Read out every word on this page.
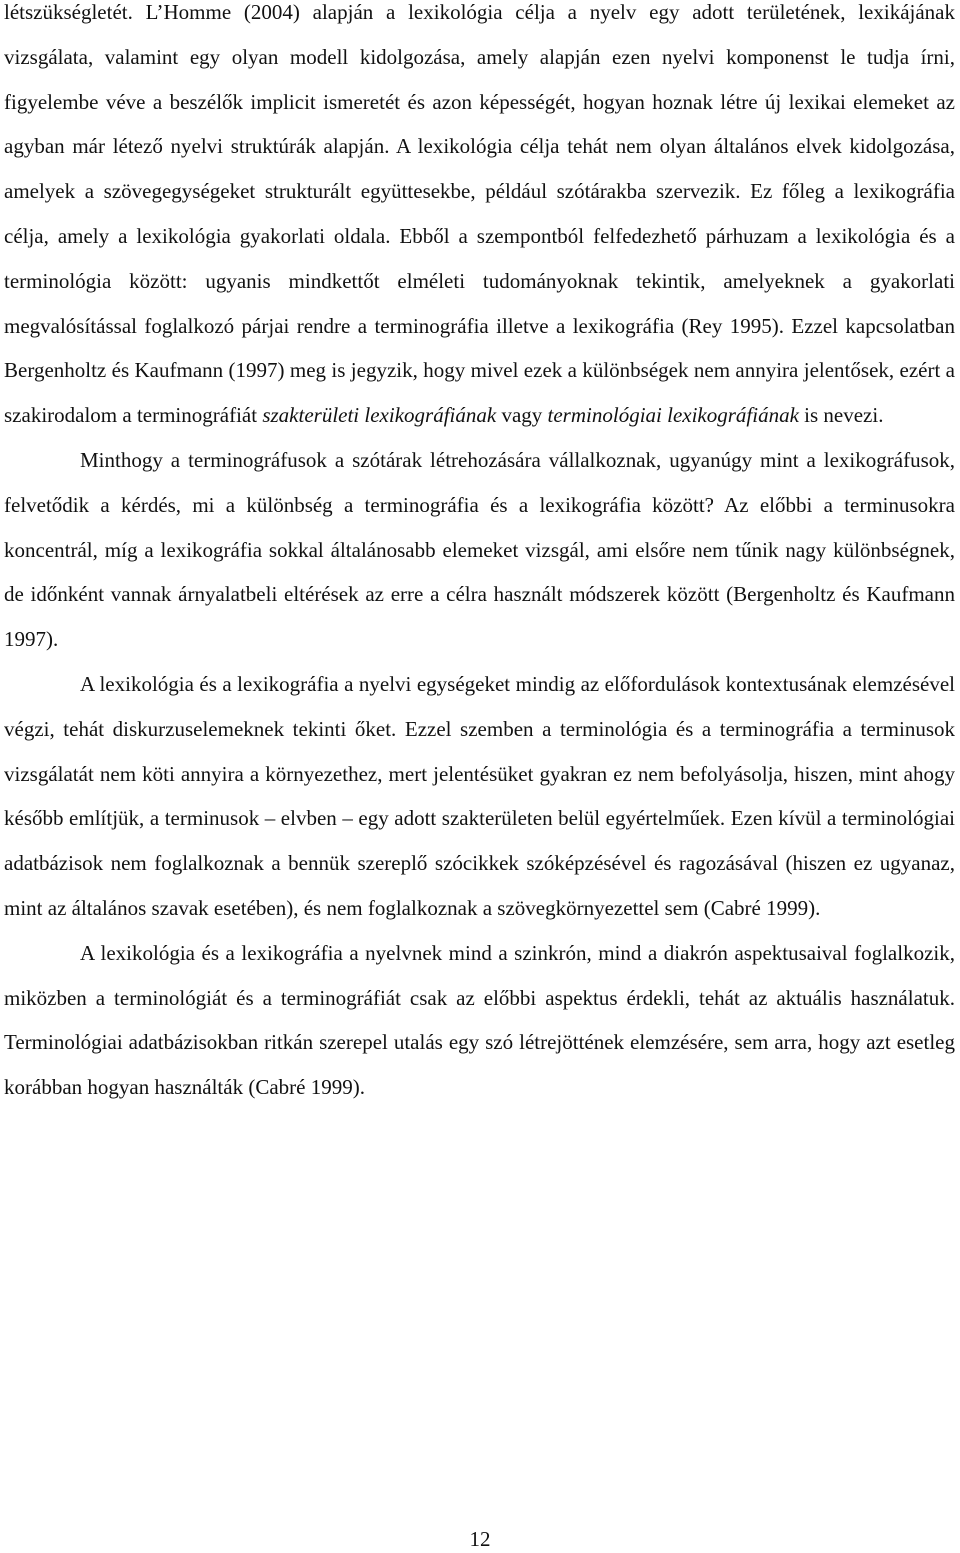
létszükségletét. L’Homme (2004) alapján a lexikológia célja a nyelv egy adott területének, lexikájának vizsgálata, valamint egy olyan modell kidolgozása, amely alapján ezen nyelvi komponenst le tudja írni, figyelembe véve a beszélők implicit ismeretét és azon képességét, hogyan hoznak létre új lexikai elemeket az agyban már létező nyelvi struktúrák alapján. A lexikológia célja tehát nem olyan általános elvek kidolgozása, amelyek a szövegegységeket strukturált együttesekbe, például szótárakba szervezik. Ez főleg a lexikográfia célja, amely a lexikológia gyakorlati oldala. Ebből a szempontból felfedezhető párhuzam a lexikológia és a terminológia között: ugyanis mindkettőt elméleti tudományoknak tekintik, amelyeknek a gyakorlati megvalósítással foglalkozó párjai rendre a terminográfia illetve a lexikográfia (Rey 1995). Ezzel kapcsolatban Bergenholtz és Kaufmann (1997) meg is jegyzik, hogy mivel ezek a különbségek nem annyira jelentősek, ezért a szakirodalom a terminográfiát szakterületi lexikográfiának vagy terminológiai lexikográfiának is nevezi.

Minthogy a terminográfusok a szótárak létrehozására vállalkoznak, ugyanúgy mint a lexikográfusok, felvetődik a kérdés, mi a különbség a terminográfia és a lexikográfia között? Az előbbi a terminusokra koncentrál, míg a lexikográfia sokkal általánosabb elemeket vizsgál, ami elsőre nem tűnik nagy különbségnek, de időnként vannak árnyalatbeli eltérések az erre a célra használt módszerek között (Bergenholtz és Kaufmann 1997).

A lexikológia és a lexikográfia a nyelvi egységeket mindig az előfordulások kontextusának elemzésével végzi, tehát diskurzuselemeknek tekinti őket. Ezzel szemben a terminológia és a terminográfia a terminusok vizsgálatát nem köti annyira a környezethez, mert jelentésüket gyakran ez nem befolyásolja, hiszen, mint ahogy később említjük, a terminusok – elvben – egy adott szakterületen belül egyértelműek. Ezen kívül a terminológiai adatbázisok nem foglalkoznak a bennük szereplő szócikkek szóképzésével és ragozásával (hiszen ez ugyanaz, mint az általános szavak esetében), és nem foglalkoznak a szövegkörnyezettel sem (Cabré 1999).

A lexikológia és a lexikográfia a nyelvnek mind a szinkrón, mind a diakrón aspektusaival foglalkozik, miközben a terminológiát és a terminográfiát csak az előbbi aspektus érdekli, tehát az aktuális használatuk. Terminológiai adatbázisokban ritkán szerepel utalás egy szó létrejöttének elemzésére, sem arra, hogy azt esetleg korábban hogyan használták (Cabré 1999).

12
